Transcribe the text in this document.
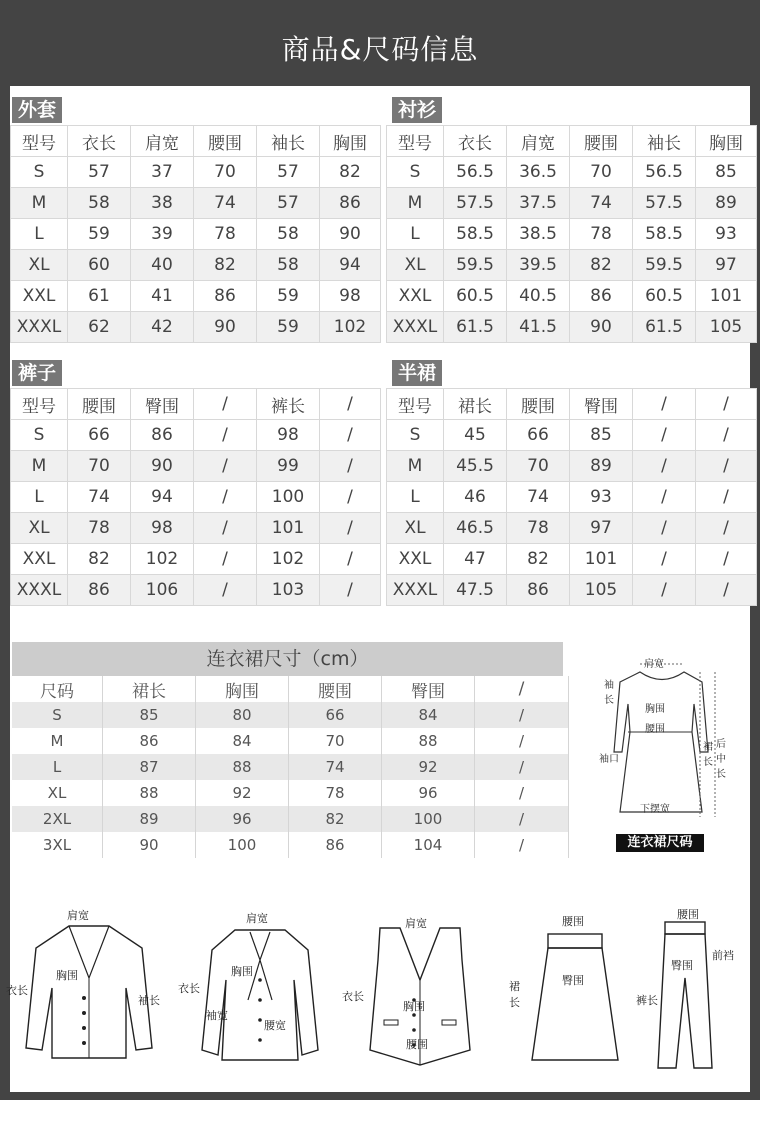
商品&尺码信息
外套
型号	衣长	肩宽	腰围	袖长	胸围
S	57	37	70	57	82
M	58	38	74	57	86
L	59	39	78	58	90
XL	60	40	82	58	94
XXL	61	41	86	59	98
XXXL	62	42	90	59	102
衬衫
型号	衣长	肩宽	腰围	袖长	胸围
S	56.5	36.5	70	56.5	85
M	57.5	37.5	74	57.5	89
L	58.5	38.5	78	58.5	93
XL	59.5	39.5	82	59.5	97
XXL	60.5	40.5	86	60.5	101
XXXL	61.5	41.5	90	61.5	105
裤子
型号	腰围	臀围	/	裤长	/
S	66	86	/	98	/
M	70	90	/	99	/
L	74	94	/	100	/
XL	78	98	/	101	/
XXL	82	102	/	102	/
XXXL	86	106	/	103	/
半裙
型号	裙长	腰围	臀围	/	/
S	45	66	85	/	/
M	45.5	70	89	/	/
L	46	74	93	/	/
XL	46.5	78	97	/	/
XXL	47	82	101	/	/
XXXL	47.5	86	105	/	/
连衣裙尺寸（cm）
尺码	裙长	胸围	腰围	臀围	/
S	85	80	66	84	/
M	86	84	70	88	/
L	87	88	74	92	/
XL	88	92	78	96	/
2XL	89	96	82	100	/
3XL	90	100	86	104	/
肩宽
袖长
胸围
腰围
袖口
下摆宽
裙长
后中长
连衣裙尺码
肩宽
衣长
胸围
袖长
肩宽
衣长
胸围
袖宽
腰宽
肩宽
衣长
胸围
腰围
腰围
臀围
裙长
腰围
臀围
前裆
裤长
